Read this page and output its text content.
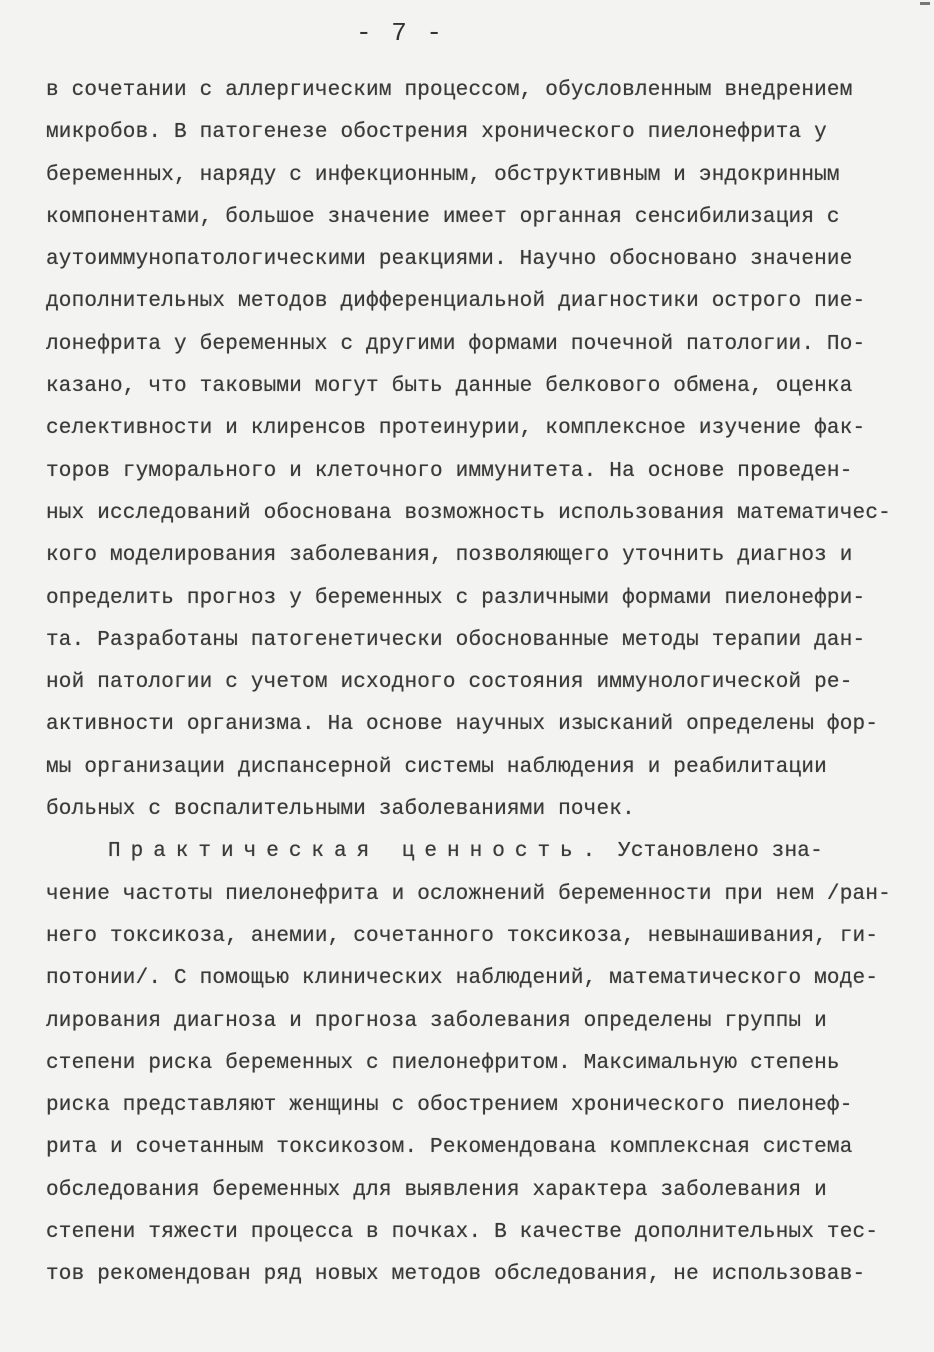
- 7 -
в сочетании с аллергическим процессом, обусловленным внедрением
микробов. В патогенезе обострения хронического пиелонефрита у
беременных, наряду с инфекционным, обструктивным и эндокринным
компонентами, большое значение имеет органная сенсибилизация с
аутоиммунопатологическими реакциями. Научно обосновано значение
дополнительных методов дифференциальной диагностики острого пие-
лонефрита у беременных с другими формами почечной патологии. По-
казано, что таковыми могут быть данные белкового обмена, оценка
селективности и клиренсов протеинурии, комплексное изучение фак-
торов гуморального и клеточного иммунитета. На основе проведен-
ных исследований обоснована возможность использования математичес-
кого моделирования заболевания, позволяющего уточнить диагноз и
определить прогноз у беременных с различными формами пиелонефри-
та. Разработаны патогенетически обоснованные методы терапии дан-
ной патологии с учетом исходного состояния иммунологической ре-
активности организма. На основе научных изысканий определены фор-
мы организации диспансерной системы наблюдения и реабилитации
больных с воспалительными заболеваниями почек.
Практическая ценность. Установлено зна-
чение частоты пиелонефрита и осложнений беременности при нем /ран-
него токсикоза, анемии, сочетанного токсикоза, невынашивания, ги-
потонии/. С помощью клинических наблюдений, математического моде-
лирования диагноза и прогноза заболевания определены группы и
степени риска беременных с пиелонефритом. Максимальную степень
риска представляют женщины с обострением хронического пиелонеф-
рита и сочетанным токсикозом. Рекомендована комплексная система
обследования беременных для выявления характера заболевания и
степени тяжести процесса в почках. В качестве дополнительных тес-
тов рекомендован ряд новых методов обследования, не использовав-
